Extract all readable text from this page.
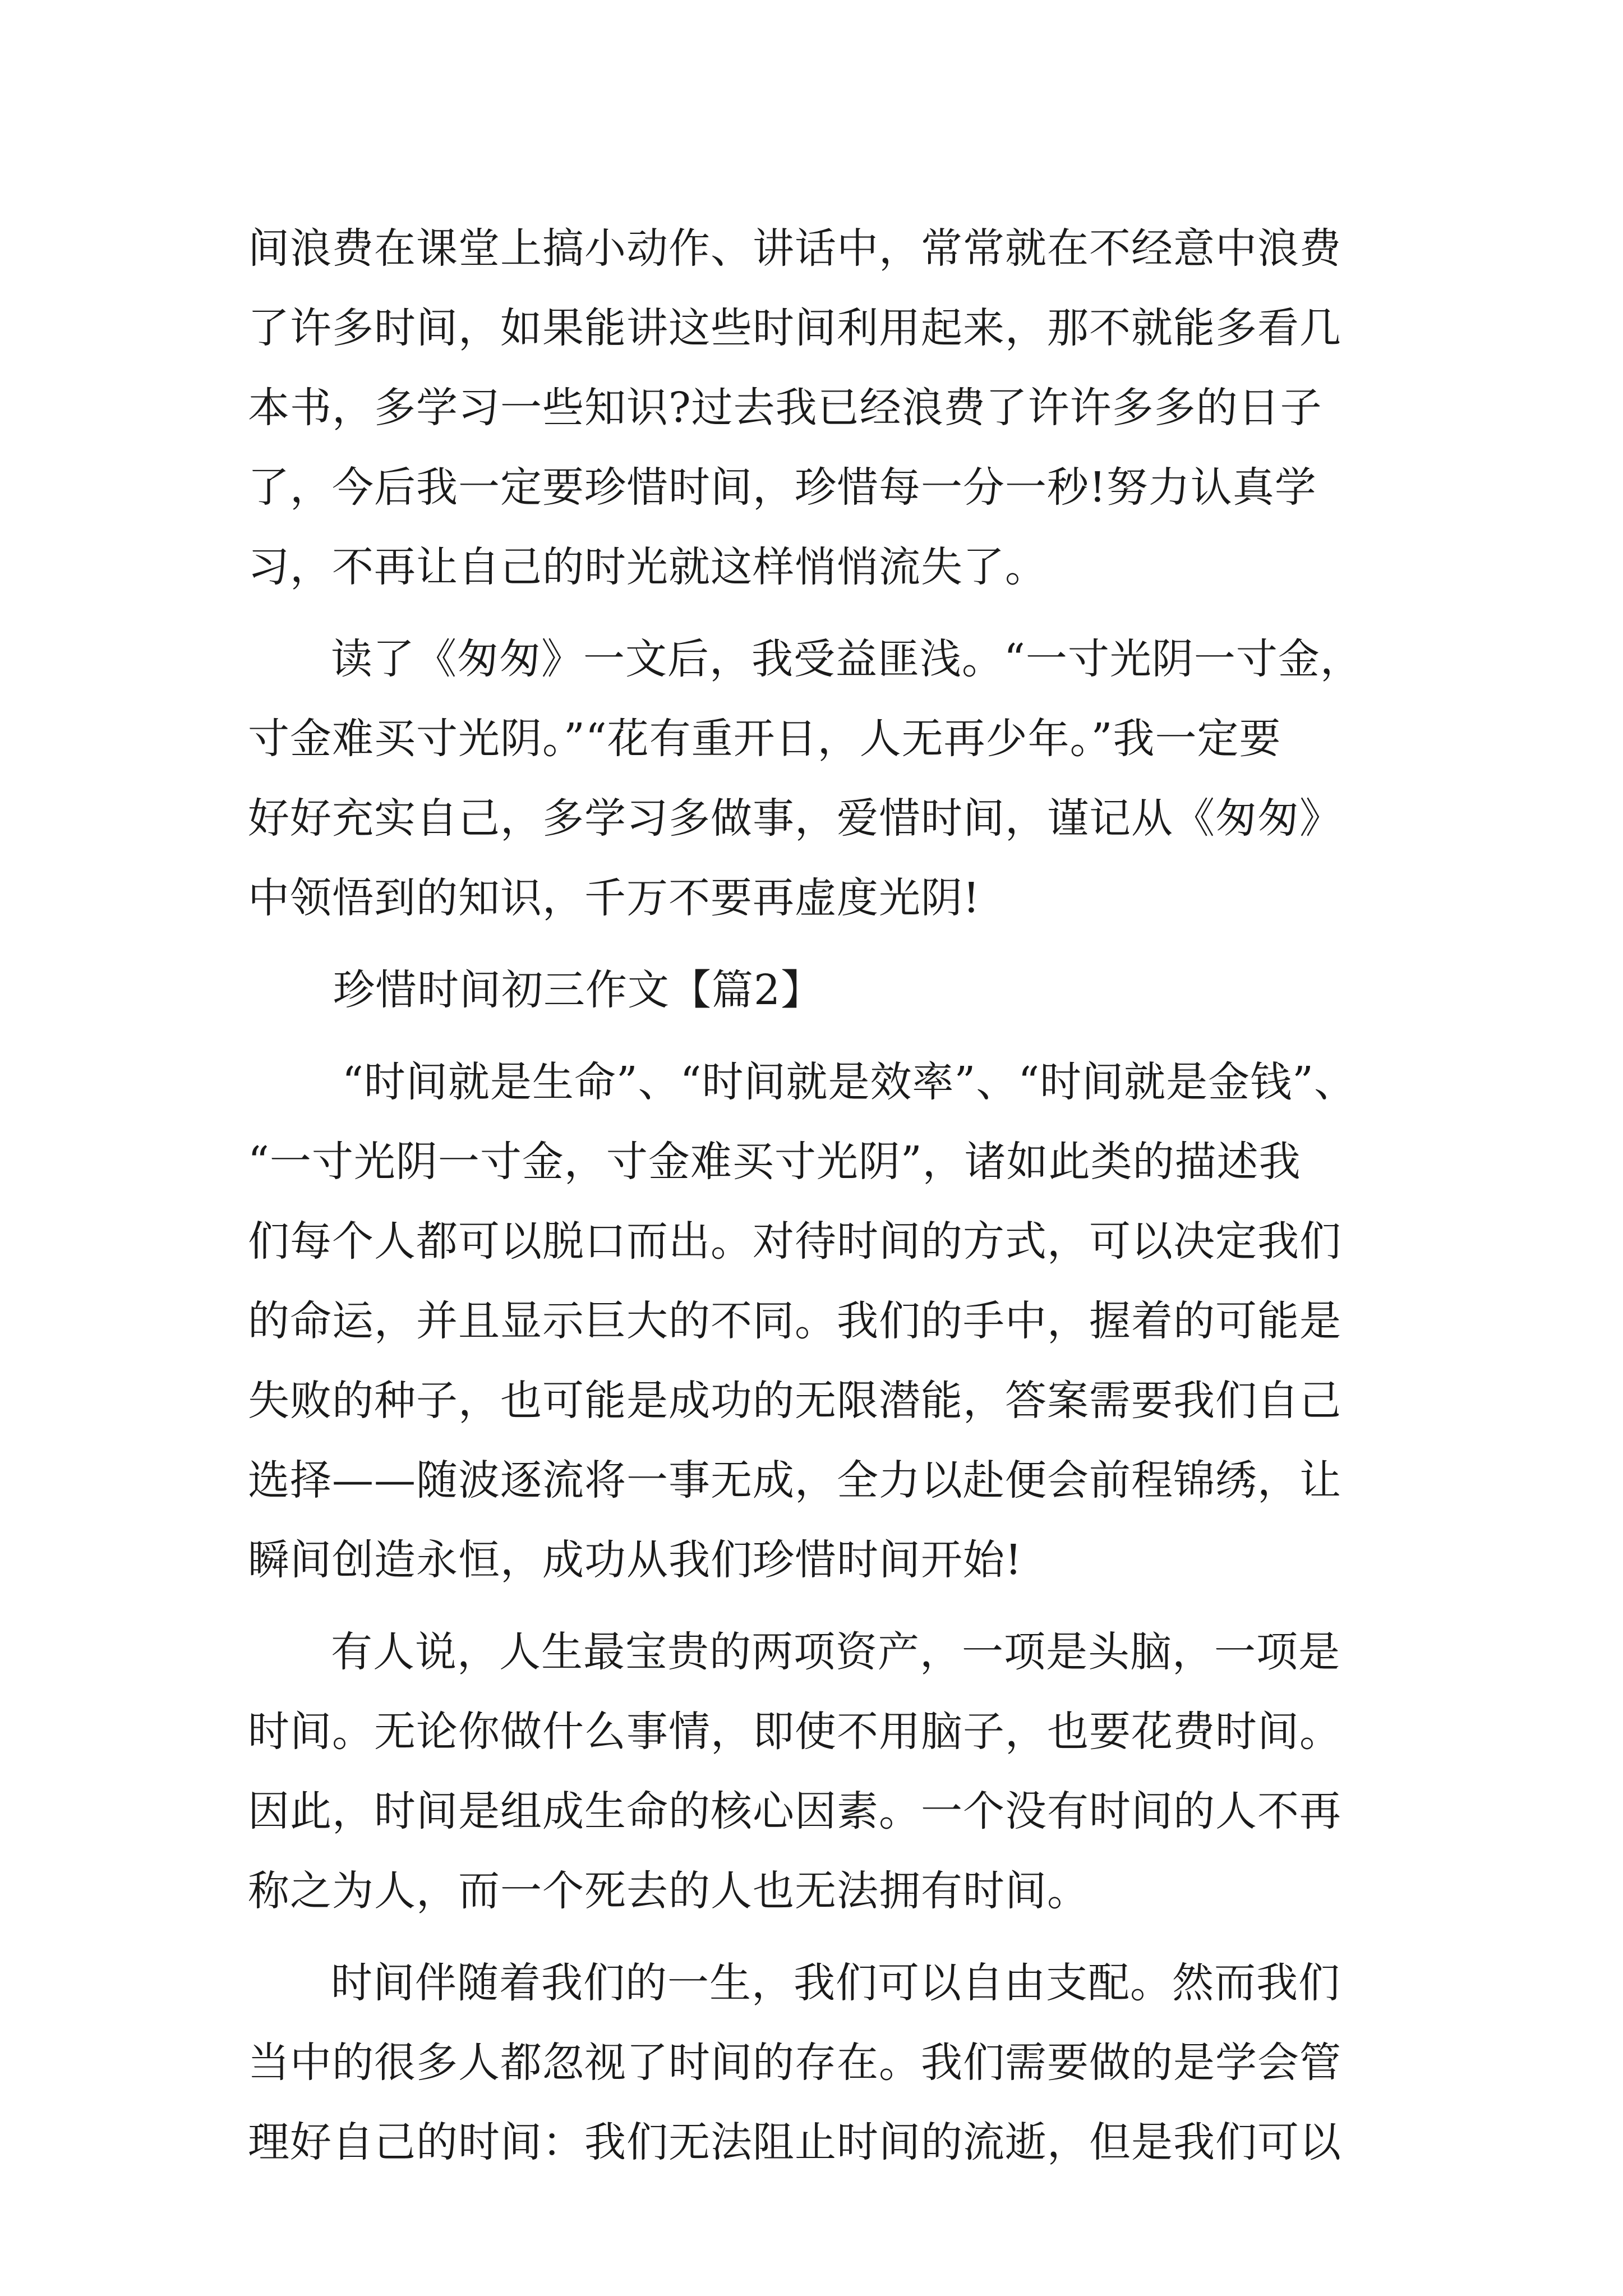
间浪费在课堂上搞小动作、讲话中，常常就在不经意中浪费
了许多时间，如果能讲这些时间利用起来，那不就能多看几
本书，多学习一些知识?过去我已经浪费了许许多多的日子
了，今后我一定要珍惜时间，珍惜每一分一秒!努力认真学
习，不再让自己的时光就这样悄悄流失了。
读了《匆匆》一文后，我受益匪浅。“一寸光阴一寸金，
寸金难买寸光阴。”“花有重开日，人无再少年。”我一定要
好好充实自己，多学习多做事，爱惜时间，谨记从《匆匆》
中领悟到的知识，千万不要再虚度光阴!
珍惜时间初三作文【篇2】
“时间就是生命”、“时间就是效率”、“时间就是金钱”、
“一寸光阴一寸金，寸金难买寸光阴”，诸如此类的描述我
们每个人都可以脱口而出。对待时间的方式，可以决定我们
的命运，并且显示巨大的不同。我们的手中，握着的可能是
失败的种子，也可能是成功的无限潜能，答案需要我们自己
选择——随波逐流将一事无成，全力以赴便会前程锦绣，让
瞬间创造永恒，成功从我们珍惜时间开始!
有人说，人生最宝贵的两项资产，一项是头脑，一项是
时间。无论你做什么事情，即使不用脑子，也要花费时间。
因此，时间是组成生命的核心因素。一个没有时间的人不再
称之为人，而一个死去的人也无法拥有时间。
时间伴随着我们的一生，我们可以自由支配。然而我们
当中的很多人都忽视了时间的存在。我们需要做的是学会管
理好自己的时间：我们无法阻止时间的流逝，但是我们可以
